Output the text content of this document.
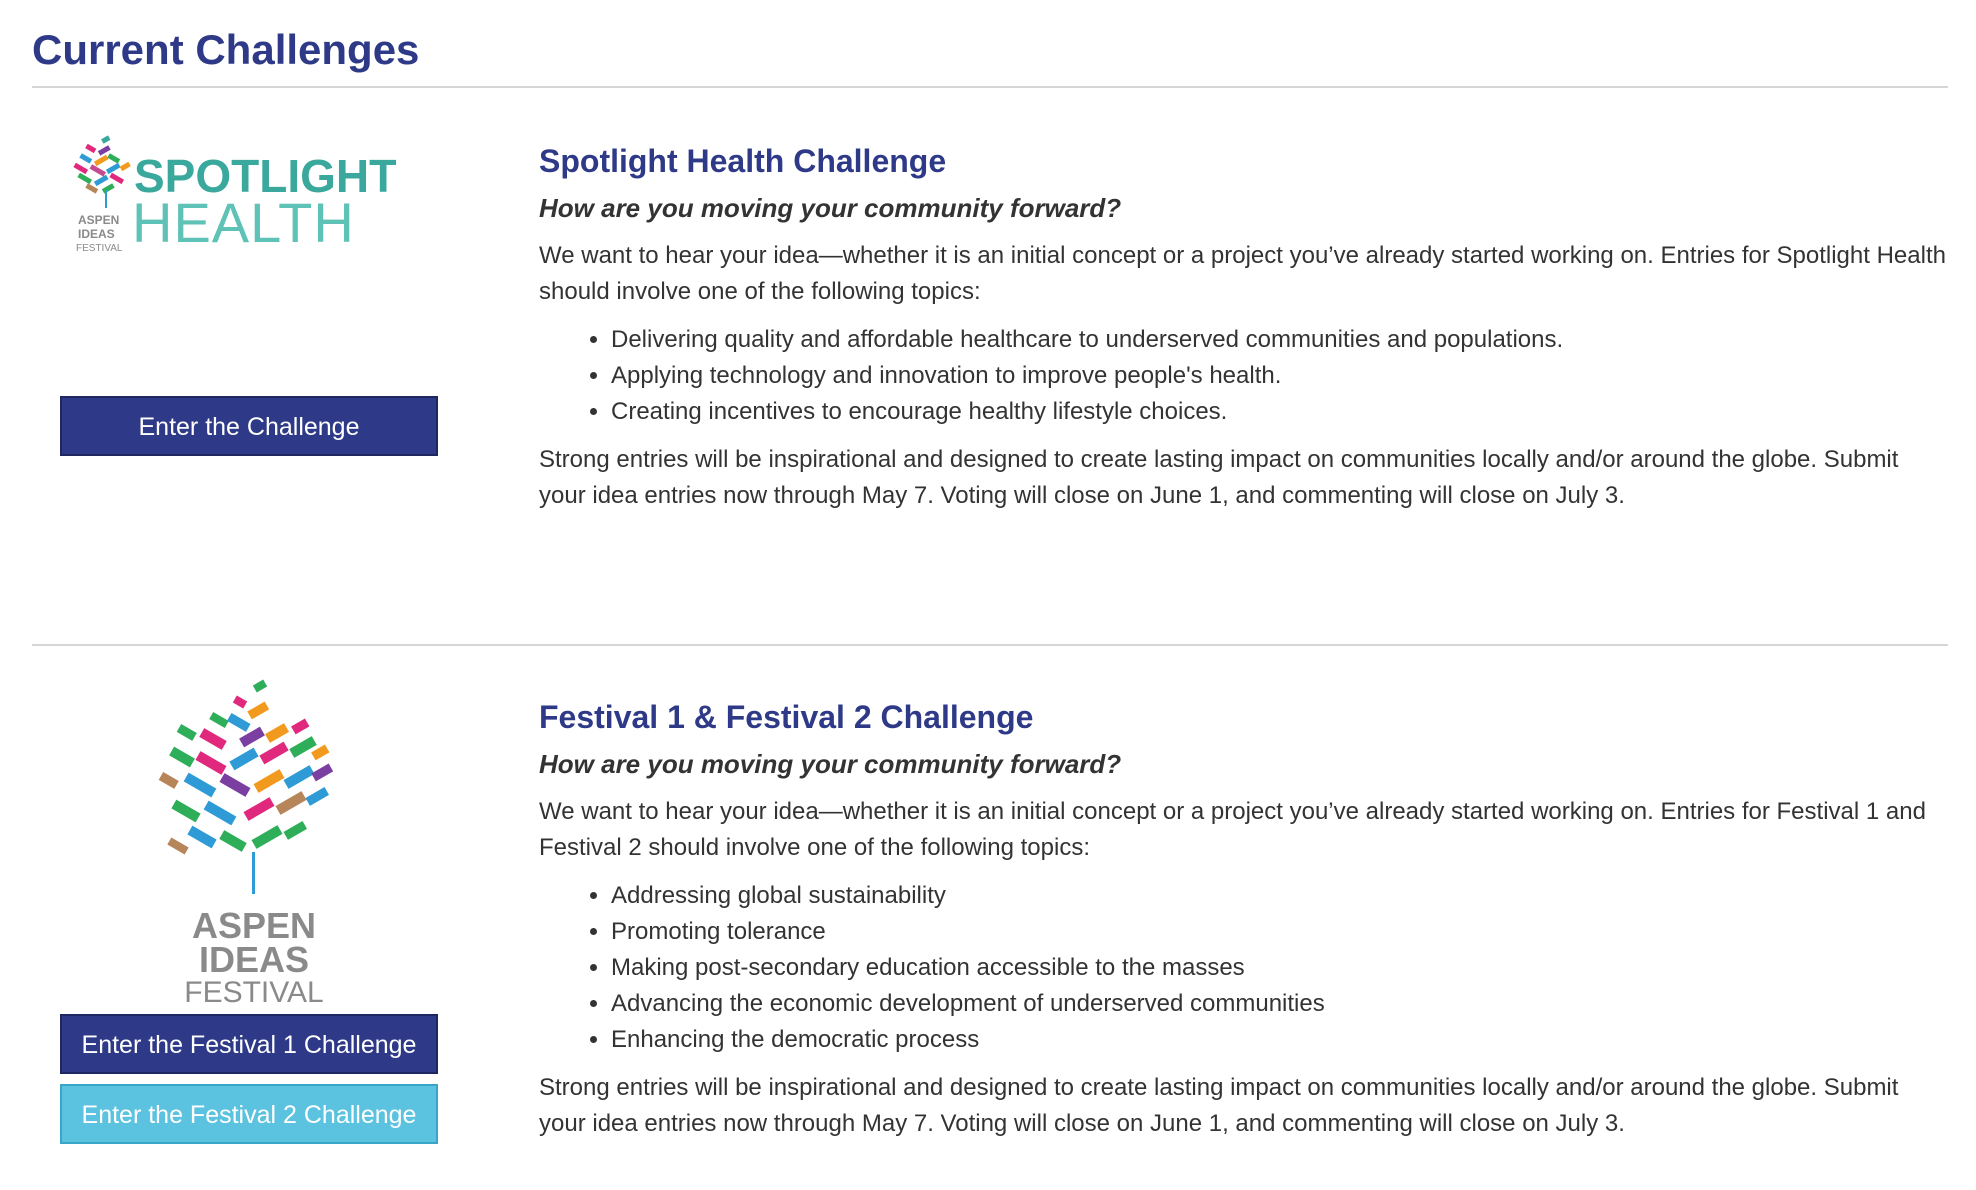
Current Challenges
SPOTLIGHT
HEALTH
ASPEN
IDEAS
FESTIVAL
Enter the Challenge
Spotlight Health Challenge

How are you moving your community forward?

We want to hear your idea—whether it is an initial concept or a project you’ve already started working on. Entries for Spotlight Health should involve one of the following topics:

• Delivering quality and affordable healthcare to underserved communities and populations.
• Applying technology and innovation to improve people's health.
• Creating incentives to encourage healthy lifestyle choices.

Strong entries will be inspirational and designed to create lasting impact on communities locally and/or around the globe. Submit your idea entries now through May 7. Voting will close on June 1, and commenting will close on July 3.

ASPEN
IDEAS
FESTIVAL
Enter the Festival 1 Challenge
Enter the Festival 2 Challenge
Festival 1 & Festival 2 Challenge

How are you moving your community forward?

We want to hear your idea—whether it is an initial concept or a project you’ve already started working on. Entries for Festival 1 and Festival 2 should involve one of the following topics:

• Addressing global sustainability
• Promoting tolerance
• Making post-secondary education accessible to the masses
• Advancing the economic development of underserved communities
• Enhancing the democratic process

Strong entries will be inspirational and designed to create lasting impact on communities locally and/or around the globe. Submit your idea entries now through May 7. Voting will close on June 1, and commenting will close on July 3.
